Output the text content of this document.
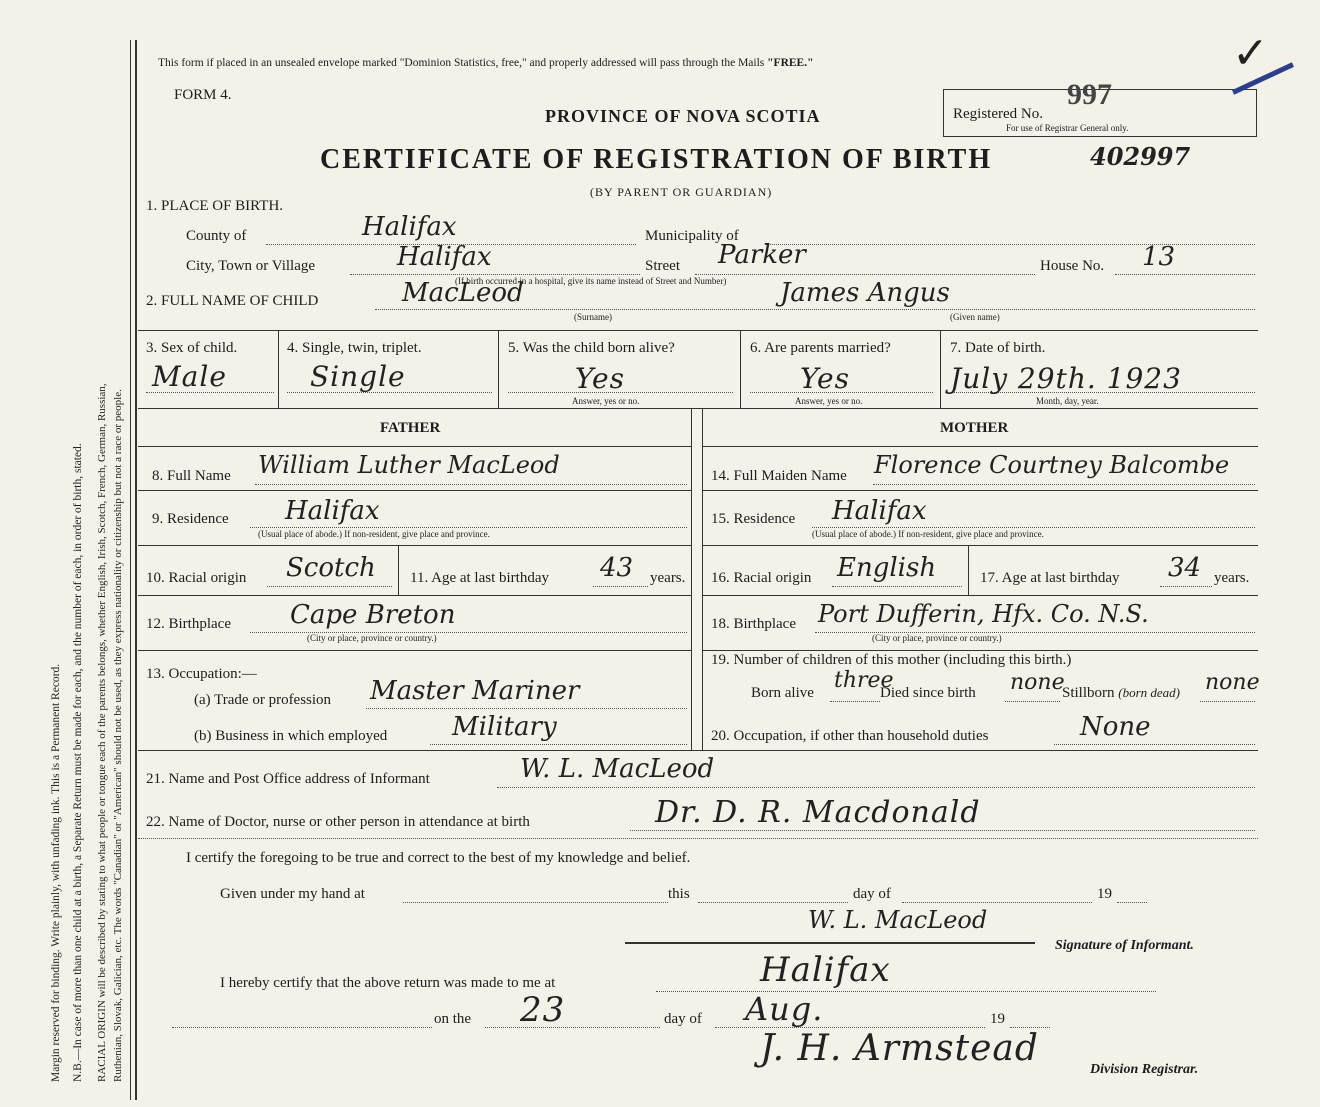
Margin reserved for binding. Write plainly, with unfading ink. This is a Permanent Record. N.B.—In case of more than one child at a birth, a Separate Return must be made for each, and the number of each, in order of birth, stated. RACIAL ORIGIN will be described by stating to what people or tongue each of the parents belongs, whether English, Irish, Scotch, French, German, Russian, Ruthenian, Slovak, Galician, etc. The words "Canadian" or "American" should not be used, as they express nationality or citizenship but not a race or people.
This form if placed in an unsealed envelope marked "Dominion Statistics, free," and properly addressed will pass through the Mails "FREE."
FORM 4.
PROVINCE OF NOVA SCOTIA	Registered No.
997
For use of Registrar General only.
✓
CERTIFICATE OF REGISTRATION OF BIRTH	402997
(BY PARENT OR GUARDIAN)
1. PLACE OF BIRTH.
County of	Halifax	Municipality of
City, Town or Village	Halifax	Street Parker	House No. 13
(If birth occurred in a hospital, give its name instead of Street and Number)
2. FULL NAME OF CHILD	MacLeod
(Surname)
James Angus
(Given name)
3. Sex of child.
Male
4. Single, twin, triplet.
Single
5. Was the child born alive?
Yes
Answer, yes or no.
6. Are parents married?
Yes
Answer, yes or no.
7. Date of birth.
July 29th. 1923
Month, day, year.
FATHER	MOTHER
8. Full Name William Luther MacLeod
9. Residence Halifax
(Usual place of abode.) If non-resident, give place and province.
10. Racial origin Scotch 11. Age at last birthday 43 years.
12. Birthplace Cape Breton
(City or place, province or country.)
13. Occupation:—
(a) Trade or profession Master Mariner
(b) Business in which employed Military
14. Full Maiden Name Florence Courtney Balcombe
15. Residence Halifax
(Usual place of abode.) If non-resident, give place and province.
16. Racial origin English	17. Age at last birthday 34 years.
18. Birthplace Port Dufferin, Hfx. Co. N.S.
(City or place, province or country.)
19. Number of children of this mother (including this birth.)
Born alive three
Died since birth none
Stillborn (born dead) none
20. Occupation, if other than household duties	None
21. Name and Post Office address of Informant	W. L. MacLeod
22. Name of Doctor, nurse or other person in attendance at birth	Dr. D. R. Macdonald
I certify the foregoing to be true and correct to the best of my knowledge and belief.
Given under my hand at	this	day of	19
W. L. MacLeod
Signature of Informant.
I hereby certify that the above return was made to me at	Halifax
on the 23	day of Aug.	19
J. H. Armstead
Division Registrar.
